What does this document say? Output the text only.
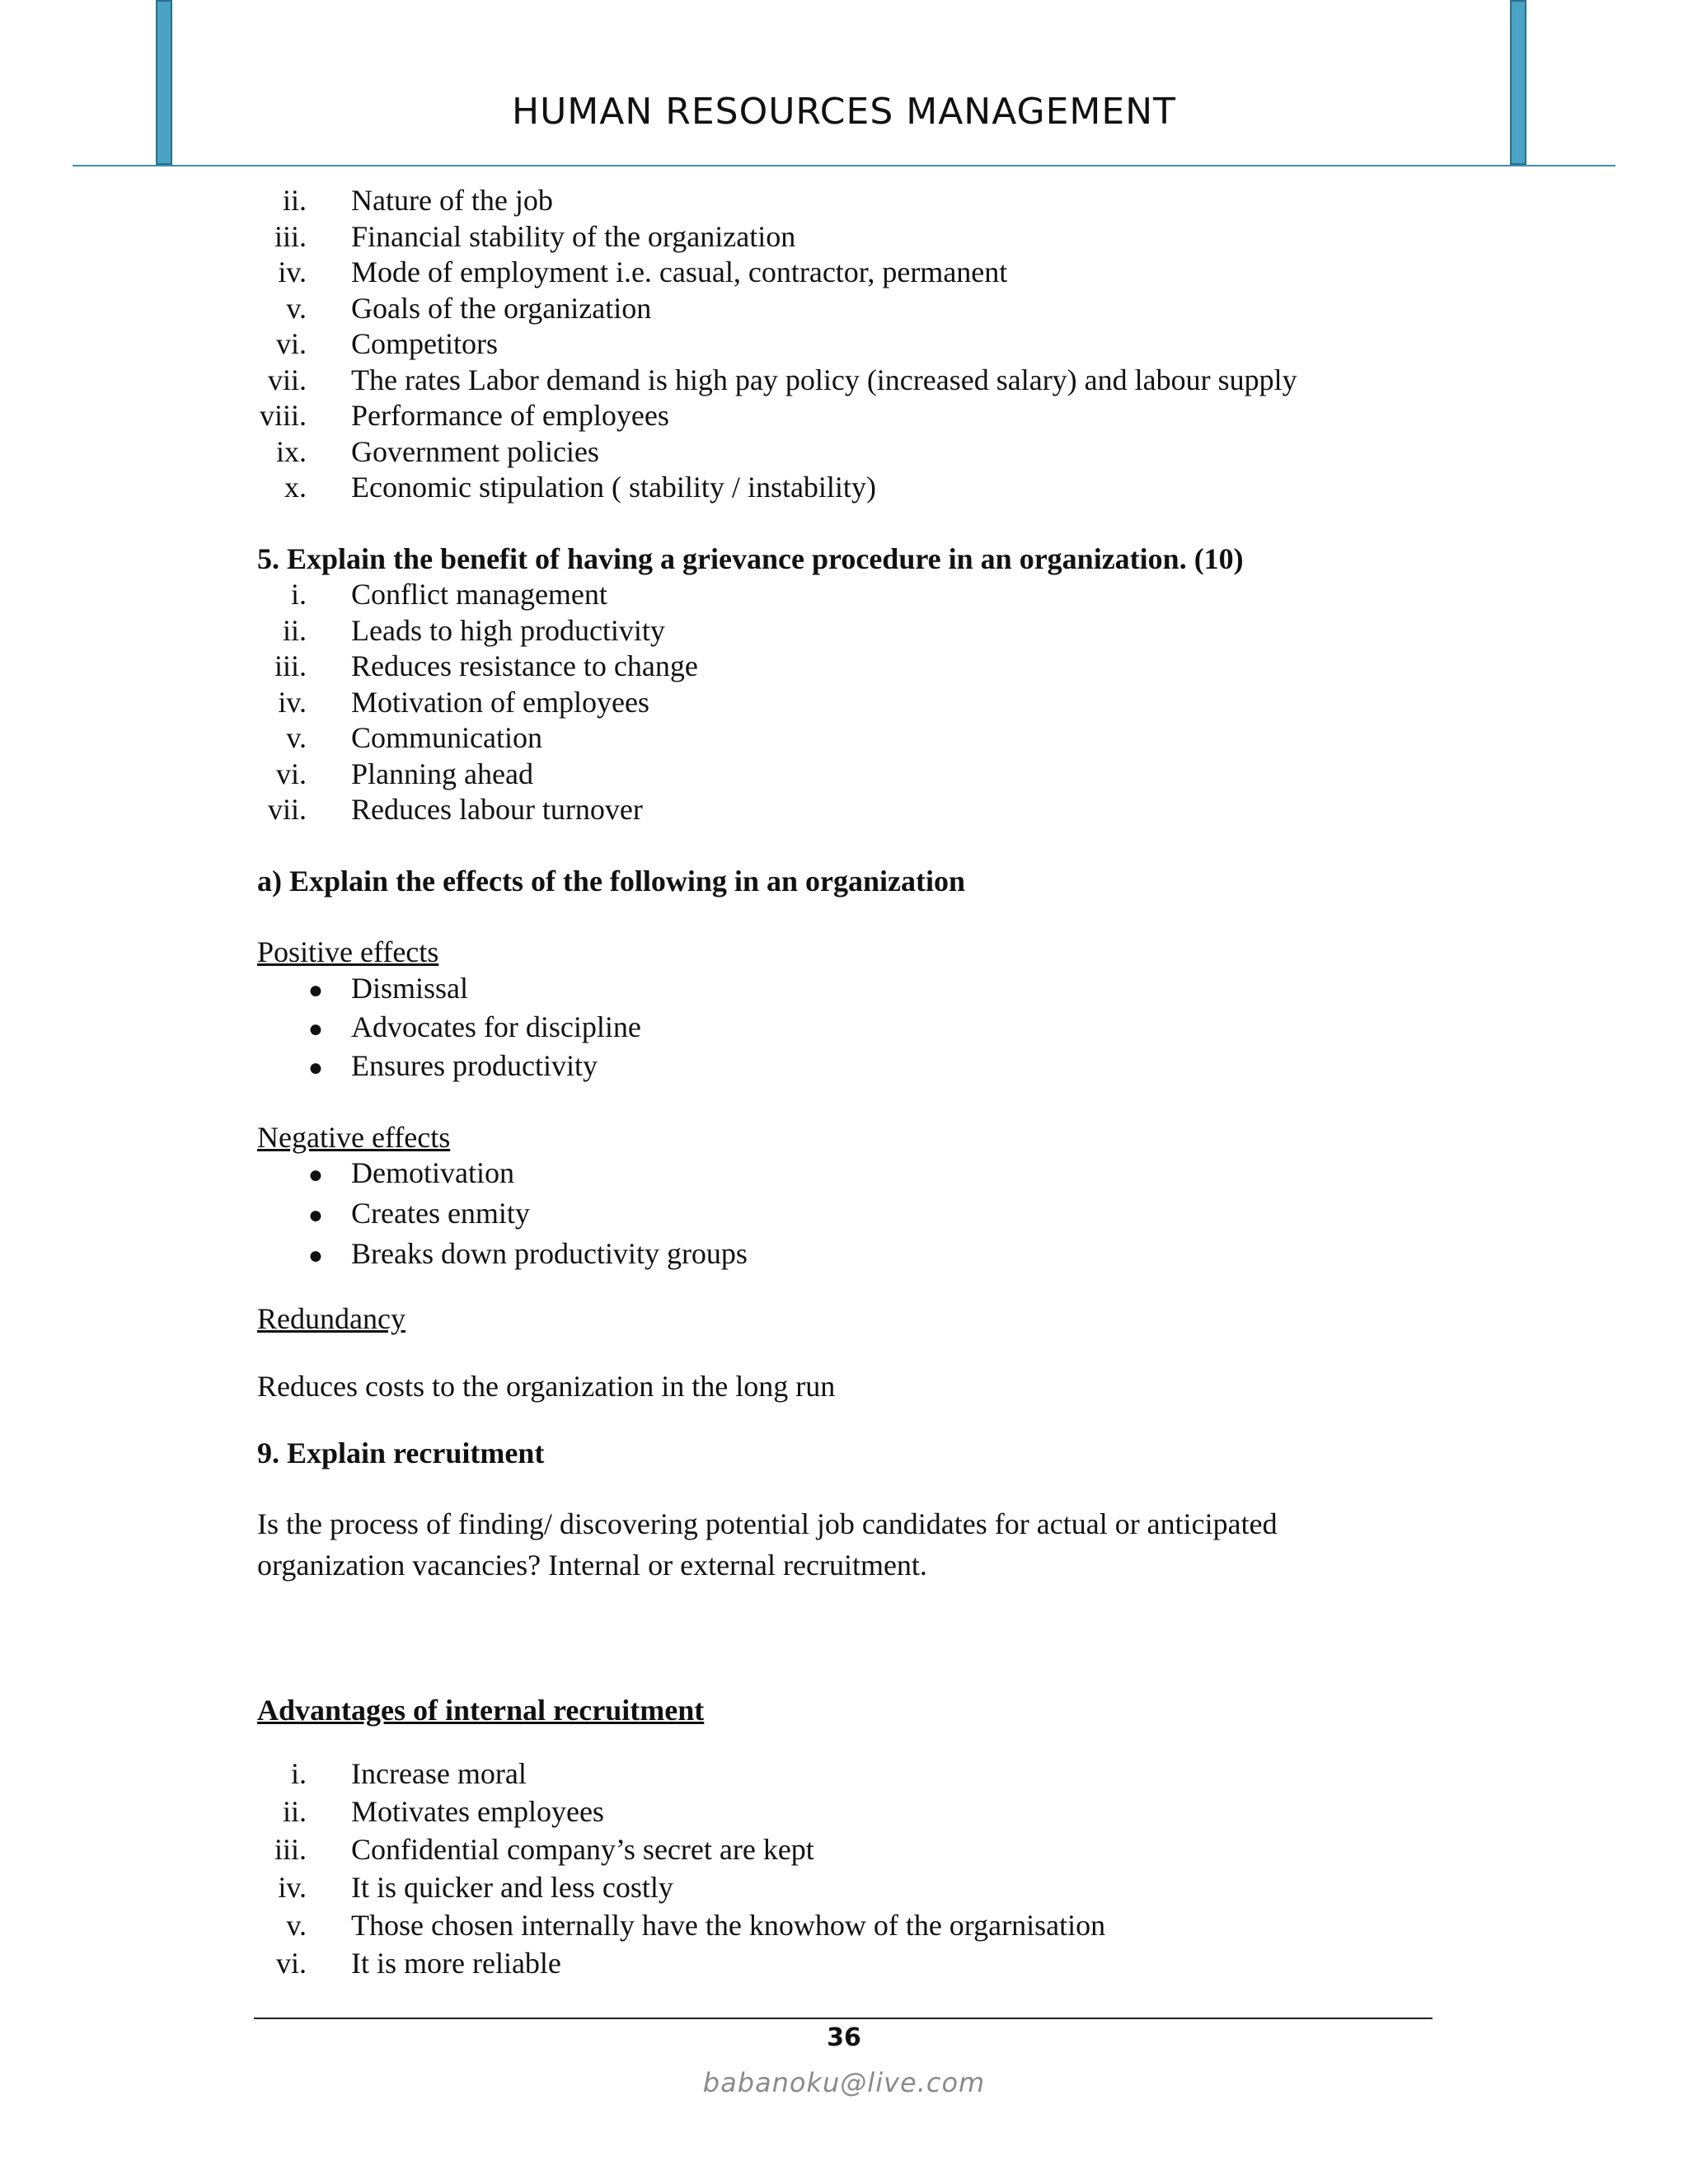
HUMAN RESOURCES MANAGEMENT
ii. Nature of the job
iii. Financial stability of the organization
iv. Mode of employment i.e. casual, contractor, permanent
v. Goals of the organization
vi. Competitors
vii. The rates Labor demand is high pay policy (increased salary) and labour supply
viii. Performance of employees
ix. Government policies
x. Economic stipulation ( stability / instability)
5. Explain the benefit of having a grievance procedure in an organization. (10)
i. Conflict management
ii. Leads to high productivity
iii. Reduces resistance to change
iv. Motivation of employees
v. Communication
vi. Planning ahead
vii. Reduces labour turnover
a) Explain the effects of the following in an organization
Positive effects
● Dismissal
● Advocates for discipline
● Ensures productivity
Negative effects
● Demotivation
● Creates enmity
● Breaks down productivity groups
Redundancy
Reduces costs to the organization in the long run
9. Explain recruitment
Is the process of finding/ discovering potential job candidates for actual or anticipated
organization vacancies? Internal or external recruitment.
Advantages of internal recruitment
i. Increase moral
ii. Motivates employees
iii. Confidential company’s secret are kept
iv. It is quicker and less costly
v. Those chosen internally have the knowhow of the orgarnisation
vi. It is more reliable
36
babanoku@live.com
